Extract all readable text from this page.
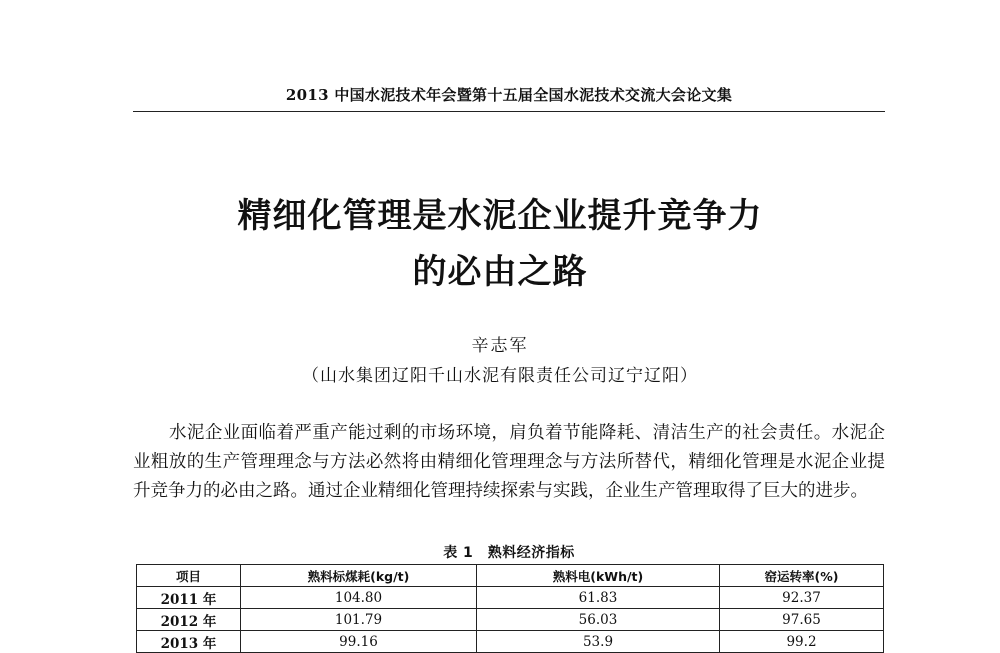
2013 中国水泥技术年会暨第十五届全国水泥技术交流大会论文集
精细化管理是水泥企业提升竞争力
的必由之路
辛志军
（山水集团辽阳千山水泥有限责任公司辽宁辽阳）

水泥企业面临着严重产能过剩的市场环境，肩负着节能降耗、清洁生产的社会责任。水泥企业粗放的生产管理理念与方法必然将由精细化管理理念与方法所替代，精细化管理是水泥企业提升竞争力的必由之路。通过企业精细化管理持续探索与实践，企业生产管理取得了巨大的进步。

表 1　熟料经济指标
项目	熟料标煤耗(kg/t)	熟料电(kWh/t)	窑运转率(%)
2011 年	104.80	61.83	92.37
2012 年	101.79	56.03	97.65
2013 年	99.16	53.9	99.2
